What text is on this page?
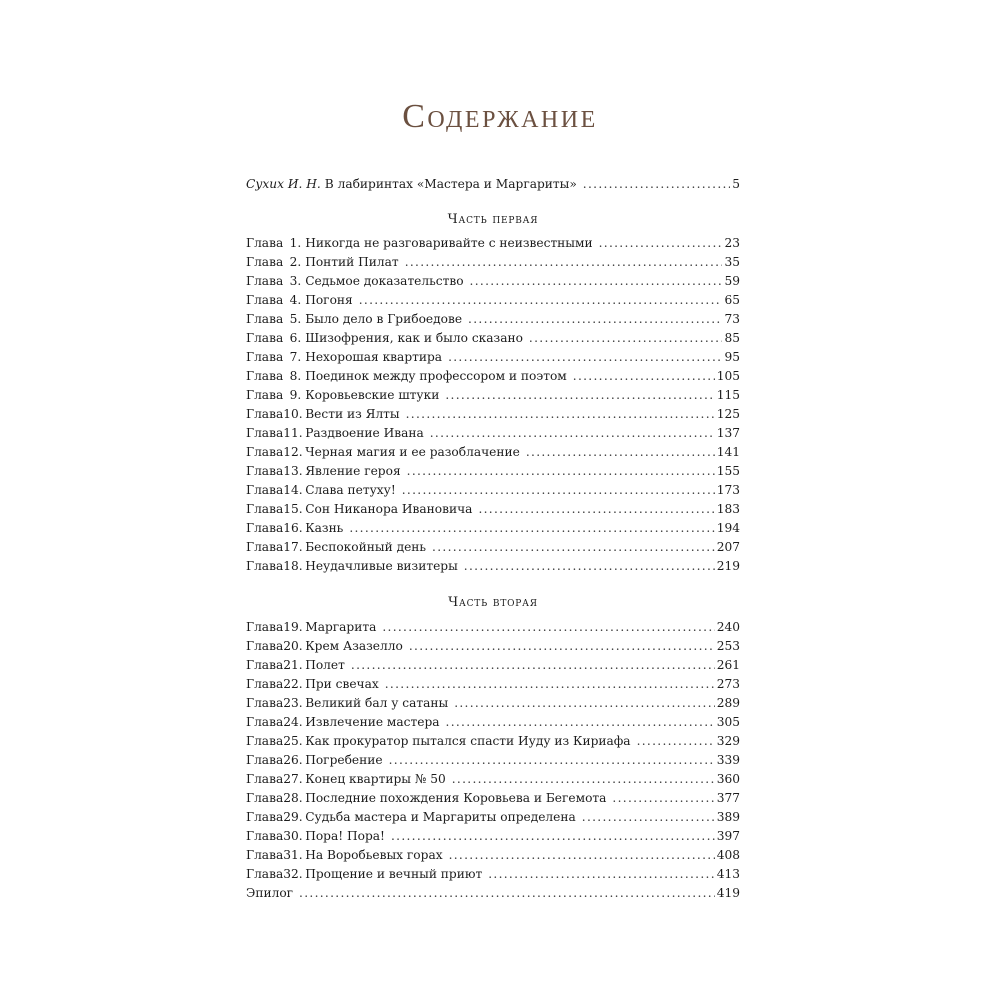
Содержание
Сухих И. Н. В лабиринтах «Мастера и Маргариты» .....	5
Часть первая
Глава 1. Никогда не разговаривайте с неизвестными .....	23
Глава 2. Понтий Пилат .....	35
Глава 3. Седьмое доказательство .....	59
Глава 4. Погоня .....	65
Глава 5. Было дело в Грибоедове .....	73
Глава 6. Шизофрения, как и было сказано .....	85
Глава 7. Нехорошая квартира .....	95
Глава 8. Поединок между профессором и поэтом .....	105
Глава 9. Коровьевские штуки .....	115
Глава 10. Вести из Ялты .....	125
Глава 11. Раздвоение Ивана .....	137
Глава 12. Черная магия и ее разоблачение .....	141
Глава 13. Явление героя .....	155
Глава 14. Слава петуху! .....	173
Глава 15. Сон Никанора Ивановича .....	183
Глава 16. Казнь .....	194
Глава 17. Беспокойный день .....	207
Глава 18. Неудачливые визитеры .....	219
Часть вторая
Глава 19. Маргарита .....	240
Глава 20. Крем Азазелло .....	253
Глава 21. Полет .....	261
Глава 22. При свечах .....	273
Глава 23. Великий бал у сатаны .....	289
Глава 24. Извлечение мастера .....	305
Глава 25. Как прокуратор пытался спасти Иуду из Кириафа .....	329
Глава 26. Погребение .....	339
Глава 27. Конец квартиры № 50 .....	360
Глава 28. Последние похождения Коровьева и Бегемота .....	377
Глава 29. Судьба мастера и Маргариты определена .....	389
Глава 30. Пора! Пора! .....	397
Глава 31. На Воробьевых горах .....	408
Глава 32. Прощение и вечный приют .....	413
Эпилог .....	419
